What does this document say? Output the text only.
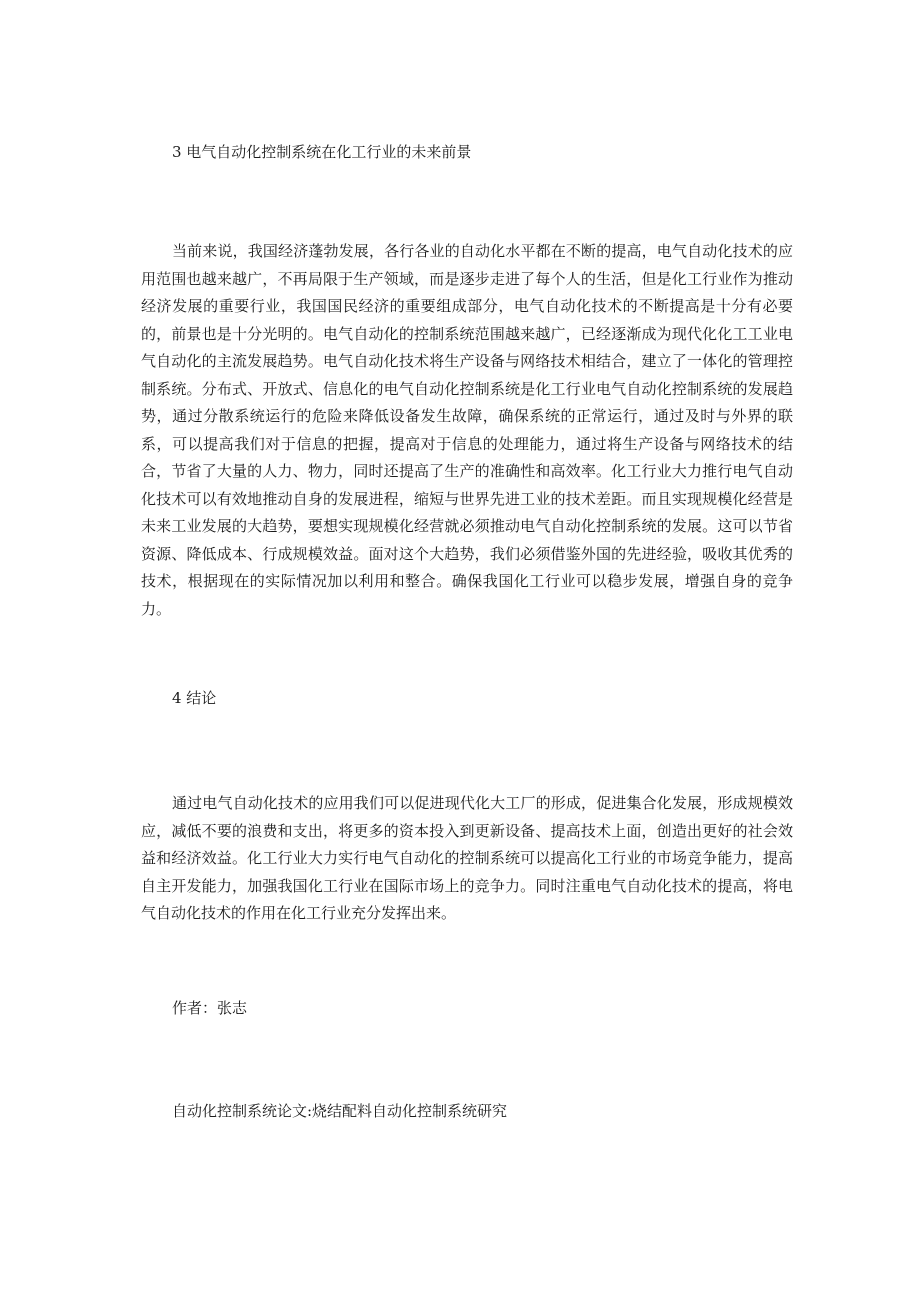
3 电气自动化控制系统在化工行业的未来前景
当前来说，我国经济蓬勃发展，各行各业的自动化水平都在不断的提高，电气自动化技术的应用范围也越来越广，不再局限于生产领域，而是逐步走进了每个人的生活，但是化工行业作为推动经济发展的重要行业，我国国民经济的重要组成部分，电气自动化技术的不断提高是十分有必要的，前景也是十分光明的。电气自动化的控制系统范围越来越广，已经逐渐成为现代化化工工业电气自动化的主流发展趋势。电气自动化技术将生产设备与网络技术相结合，建立了一体化的管理控制系统。分布式、开放式、信息化的电气自动化控制系统是化工行业电气自动化控制系统的发展趋势，通过分散系统运行的危险来降低设备发生故障，确保系统的正常运行，通过及时与外界的联系，可以提高我们对于信息的把握，提高对于信息的处理能力，通过将生产设备与网络技术的结合，节省了大量的人力、物力，同时还提高了生产的准确性和高效率。化工行业大力推行电气自动化技术可以有效地推动自身的发展进程，缩短与世界先进工业的技术差距。而且实现规模化经营是未来工业发展的大趋势，要想实现规模化经营就必须推动电气自动化控制系统的发展。这可以节省资源、降低成本、行成规模效益。面对这个大趋势，我们必须借鉴外国的先进经验，吸收其优秀的技术，根据现在的实际情况加以利用和整合。确保我国化工行业可以稳步发展，增强自身的竞争力。
4 结论
通过电气自动化技术的应用我们可以促进现代化大工厂的形成，促进集合化发展，形成规模效应，减低不要的浪费和支出，将更多的资本投入到更新设备、提高技术上面，创造出更好的社会效益和经济效益。化工行业大力实行电气自动化的控制系统可以提高化工行业的市场竞争能力，提高自主开发能力，加强我国化工行业在国际市场上的竞争力。同时注重电气自动化技术的提高，将电气自动化技术的作用在化工行业充分发挥出来。
作者：张志
自动化控制系统论文:烧结配料自动化控制系统研究
